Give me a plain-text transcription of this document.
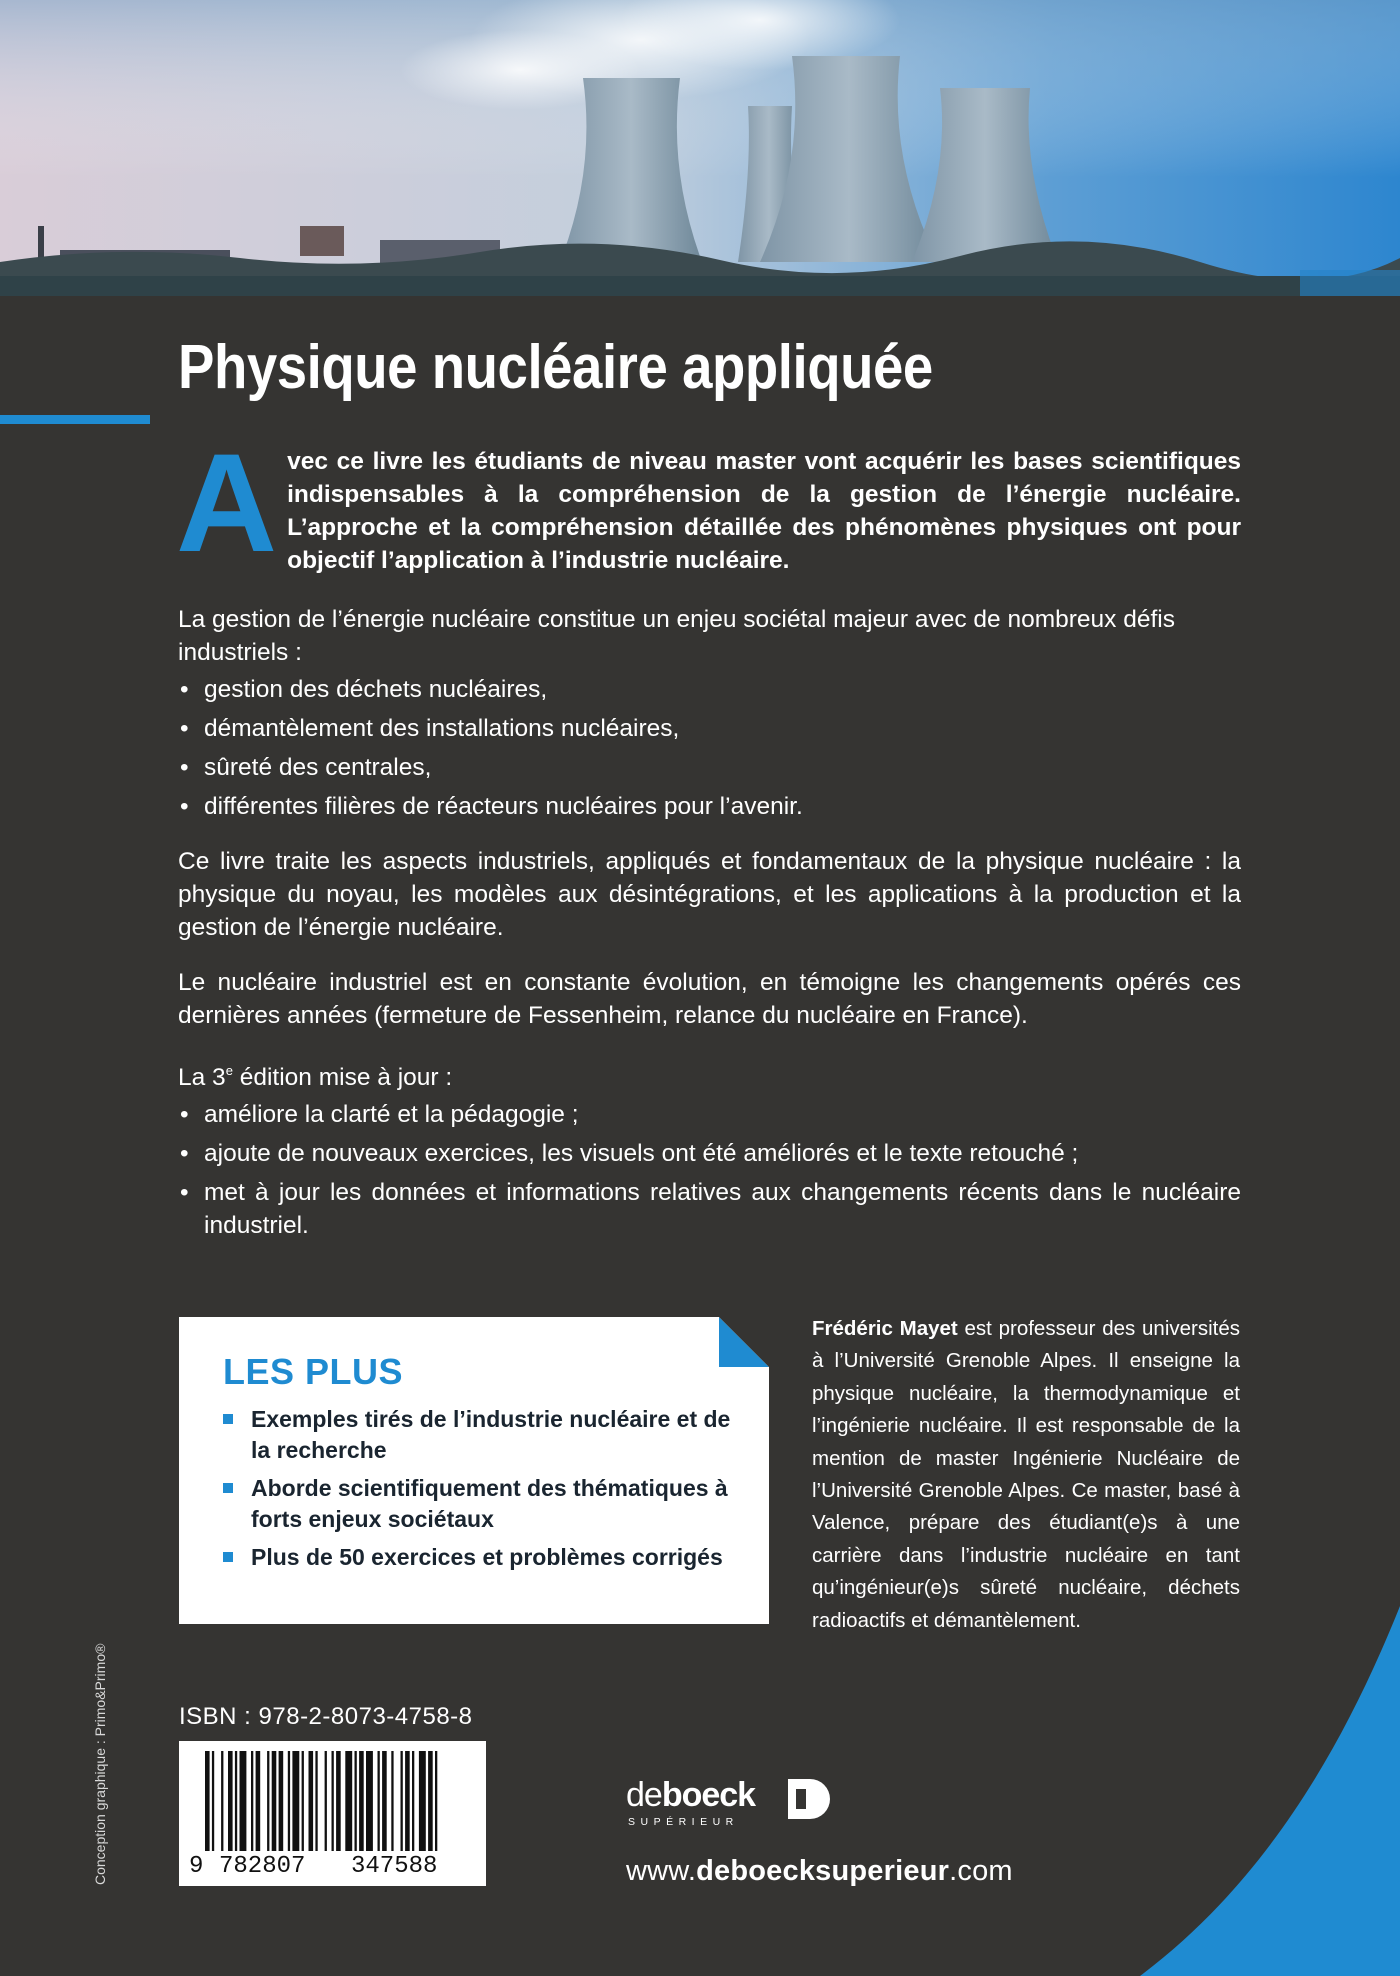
Physique nucléaire appliquée

Avec ce livre les étudiants de niveau master vont acquérir les bases scientifiques indispensables à la compréhension de la gestion de l’énergie nucléaire. L’approche et la compréhension détaillée des phénomènes physiques ont pour objectif l’application à l’industrie nucléaire.

La gestion de l’énergie nucléaire constitue un enjeu sociétal majeur avec de nombreux défis industriels :

• gestion des déchets nucléaires,
• démantèlement des installations nucléaires,
• sûreté des centrales,
• différentes filières de réacteurs nucléaires pour l’avenir.

Ce livre traite les aspects industriels, appliqués et fondamentaux de la physique nucléaire : la physique du noyau, les modèles aux désintégrations, et les applications à la production et la gestion de l’énergie nucléaire.

Le nucléaire industriel est en constante évolution, en témoigne les changements opérés ces dernières années (fermeture de Fessenheim, relance du nucléaire en France).

La 3e édition mise à jour :

• améliore la clarté et la pédagogie ;
• ajoute de nouveaux exercices, les visuels ont été améliorés et le texte retouché ;
• met à jour les données et informations relatives aux changements récents dans le nucléaire industriel.
LES PLUS
Exemples tirés de l’industrie nucléaire et de la recherche
Aborde scientifiquement des thématiques à forts enjeux sociétaux
Plus de 50 exercices et problèmes corrigés

Frédéric Mayet est professeur des universités à l’Université Grenoble Alpes. Il enseigne la physique nucléaire, la thermodynamique et l’ingénierie nucléaire. Il est responsable de la mention de master Ingénierie Nucléaire de l’Université Grenoble Alpes. Ce master, basé à Valence, prépare des étudiant(e)s à une carrière dans l’industrie nucléaire en tant qu’ingénieur(e)s sûreté nucléaire, déchets radioactifs et démantèlement.

ISBN : 978-2-8073-4758-8
9 782807 347588
Conception graphique : Primo&Primo®	deboeck
SUPÉRIEUR
www.deboecksuperieur.com
